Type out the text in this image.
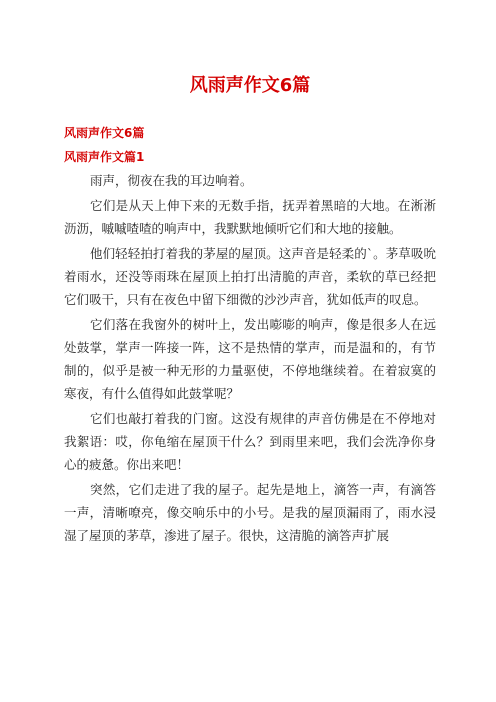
风雨声作文6篇
风雨声作文6篇
风雨声作文篇1

雨声，彻夜在我的耳边响着。

它们是从天上伸下来的无数手指，抚弄着黑暗的大地。在淅淅沥沥，嘁嘁喳喳的响声中，我默默地倾听它们和大地的接触。

他们轻轻拍打着我的茅屋的屋顶。这声音是轻柔的`。茅草吸吮着雨水，还没等雨珠在屋顶上拍打出清脆的声音，柔软的草已经把它们吸干，只有在夜色中留下细微的沙沙声音，犹如低声的叹息。

它们落在我窗外的树叶上，发出嘭嘭的响声，像是很多人在远处鼓掌，掌声一阵接一阵，这不是热情的掌声，而是温和的，有节制的，似乎是被一种无形的力量驱使，不停地继续着。在着寂寞的寒夜，有什么值得如此鼓掌呢？

它们也敲打着我的门窗。这没有规律的声音仿佛是在不停地对我絮语：哎，你龟缩在屋顶干什么？到雨里来吧，我们会洗净你身心的疲惫。你出来吧！

突然，它们走进了我的屋子。起先是地上，滴答一声，有滴答一声，清晰嘹亮，像交响乐中的小号。是我的屋顶漏雨了，雨水浸湿了屋顶的茅草，渗进了屋子。很快，这清脆的滴答声扩展
